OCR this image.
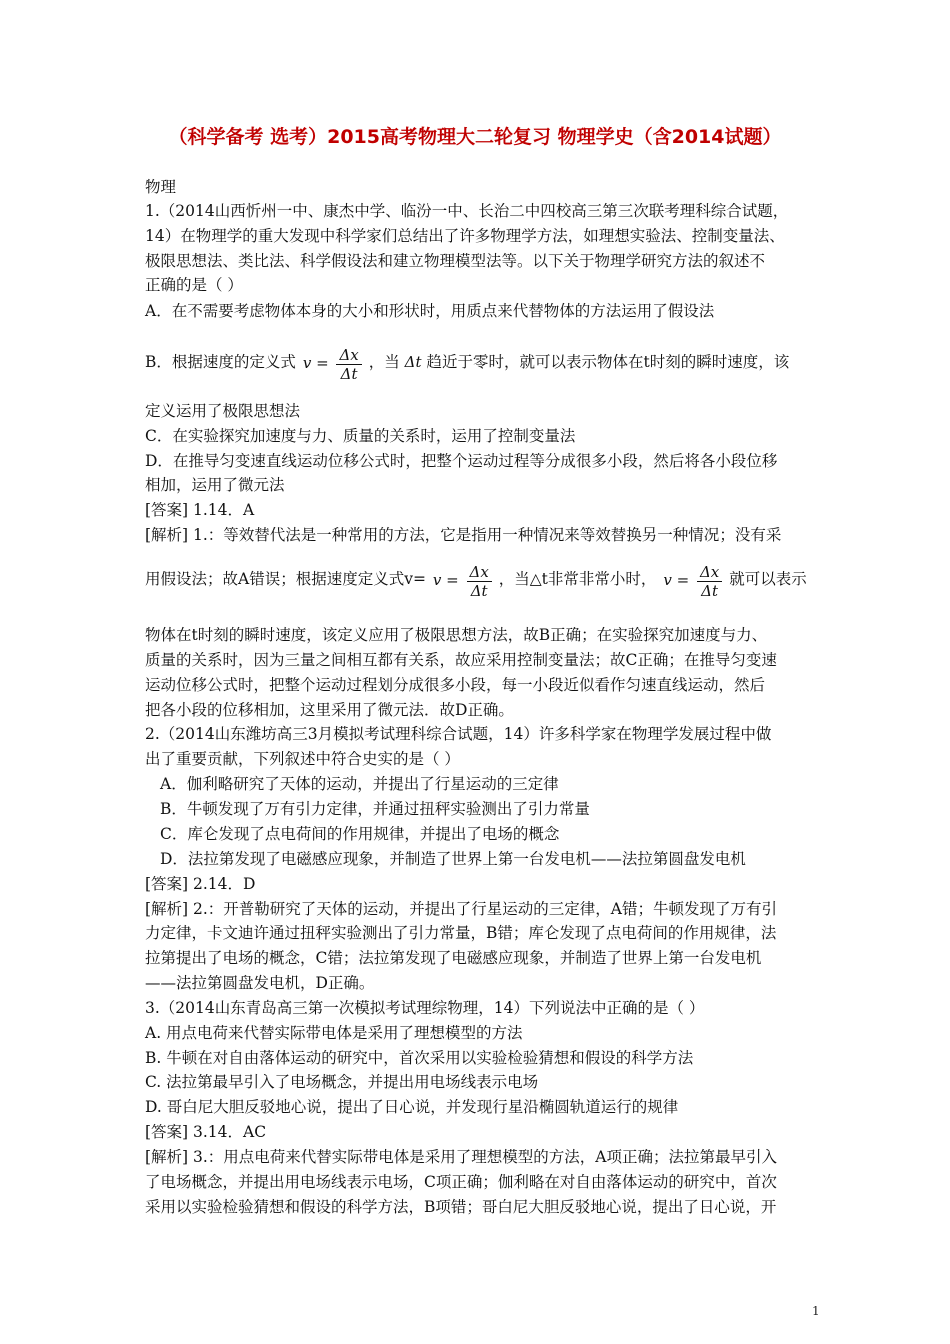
（科学备考 选考）2015高考物理大二轮复习 物理学史（含2014试题）
物理
1.（2014山西忻州一中、康杰中学、临汾一中、长治二中四校高三第三次联考理科综合试题，
14）在物理学的重大发现中科学家们总结出了许多物理学方法，如理想实验法、控制变量法、
极限思想法、类比法、科学假设法和建立物理模型法等。以下关于物理学研究方法的叙述不
正确的是（ ）
A．在不需要考虑物体本身的大小和形状时，用质点来代替物体的方法运用了假设法
B．根据速度的定义式 $v = \frac{\Delta x}{\Delta t}$ ，当 Δt 趋近于零时，就可以表示物体在t时刻的瞬时速度，该
定义运用了极限思想法
C．在实验探究加速度与力、质量的关系时，运用了控制变量法
D．在推导匀变速直线运动位移公式时，把整个运动过程等分成很多小段，然后将各小段位移
相加，运用了微元法
[答案] 1.14．A
[解析] 1.：等效替代法是一种常用的方法，它是指用一种情况来等效替换另一种情况；没有采
用假设法；故A错误；根据速度定义式$v= v = \frac{\Delta x}{\Delta t}$ ，当△t非常非常小时， $v = \frac{\Delta x}{\Delta t}$ 就可以表示
物体在t时刻的瞬时速度，该定义应用了极限思想方法，故B正确；在实验探究加速度与力、
质量的关系时，因为三量之间相互都有关系，故应采用控制变量法；故C正确；在推导匀变速
运动位移公式时，把整个运动过程划分成很多小段，每一小段近似看作匀速直线运动，然后
把各小段的位移相加，这里采用了微元法．故D正确。
2.（2014山东潍坊高三3月模拟考试理科综合试题，14）许多科学家在物理学发展过程中做
出了重要贡献，下列叙述中符合史实的是（ ）
A．伽利略研究了天体的运动，并提出了行星运动的三定律
B．牛顿发现了万有引力定律，并通过扭秤实验测出了引力常量
C．库仑发现了点电荷间的作用规律，并提出了电场的概念
D．法拉第发现了电磁感应现象，并制造了世界上第一台发电机——法拉第圆盘发电机
[答案] 2.14．D
[解析] 2.：开普勒研究了天体的运动，并提出了行星运动的三定律，A错；牛顿发现了万有引
力定律，卡文迪许通过扭秤实验测出了引力常量，B错；库仑发现了点电荷间的作用规律，法
拉第提出了电场的概念，C错；法拉第发现了电磁感应现象，并制造了世界上第一台发电机
——法拉第圆盘发电机，D正确。
3.（2014山东青岛高三第一次模拟考试理综物理，14）下列说法中正确的是（ ）
A. 用点电荷来代替实际带电体是采用了理想模型的方法
B. 牛顿在对自由落体运动的研究中，首次采用以实验检验猜想和假设的科学方法
C. 法拉第最早引入了电场概念，并提出用电场线表示电场
D. 哥白尼大胆反驳地心说，提出了日心说，并发现行星沿椭圆轨道运行的规律
[答案] 3.14．AC
[解析] 3.：用点电荷来代替实际带电体是采用了理想模型的方法，A项正确；法拉第最早引入
了电场概念，并提出用电场线表示电场，C项正确；伽利略在对自由落体运动的研究中，首次
采用以实验检验猜想和假设的科学方法，B项错；哥白尼大胆反驳地心说，提出了日心说，开
1
